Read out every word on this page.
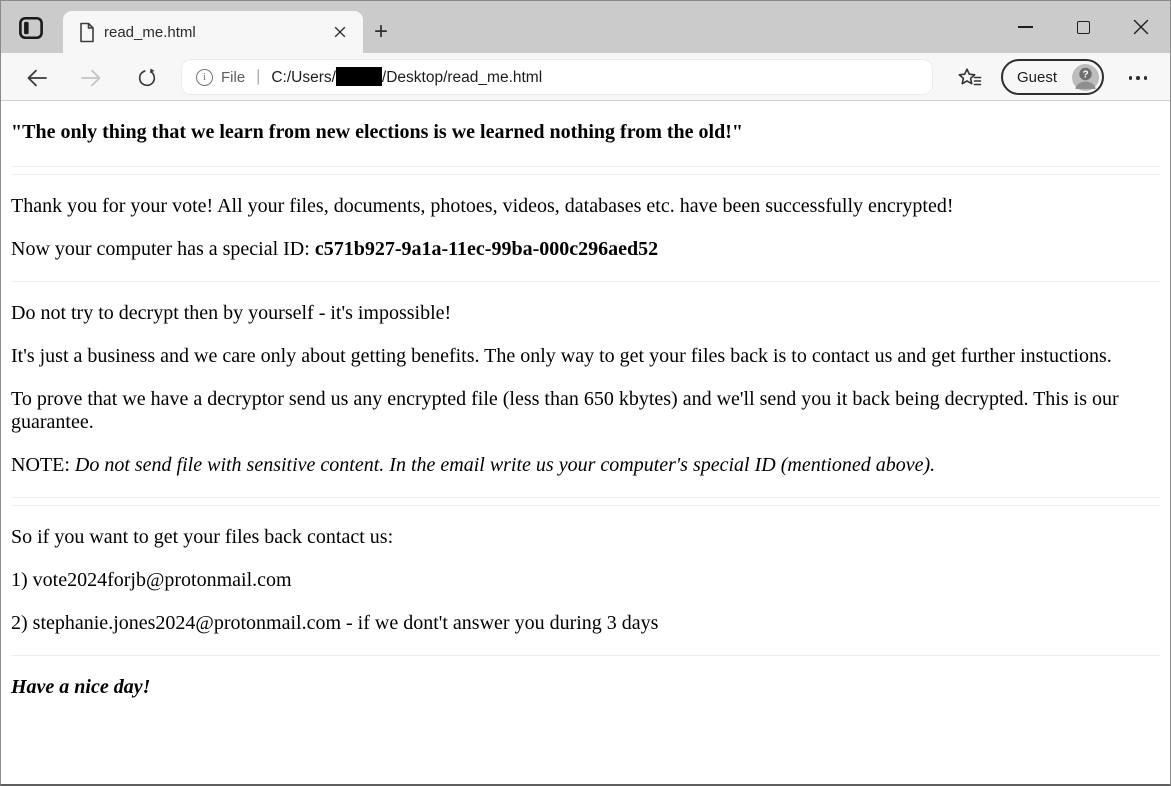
read_me.html	+
i	File | C:/Users/	/Desktop/read_me.html	Guest	?

"The only thing that we learn from new elections is we learned nothing from the old!"

Thank you for your vote! All your files, documents, photoes, videos, databases etc. have been successfully encrypted!

Now your computer has a special ID: c571b927-9a1a-11ec-99ba-000c296aed52

Do not try to decrypt then by yourself - it's impossible!

It's just a business and we care only about getting benefits. The only way to get your files back is to contact us and get further instuctions.

To prove that we have a decryptor send us any encrypted file (less than 650 kbytes) and we'll send you it back being decrypted. This is our guarantee.

NOTE: Do not send file with sensitive content. In the email write us your computer's special ID (mentioned above).

So if you want to get your files back contact us:

1) vote2024forjb@protonmail.com

2) stephanie.jones2024@protonmail.com - if we dont't answer you during 3 days

Have a nice day!
